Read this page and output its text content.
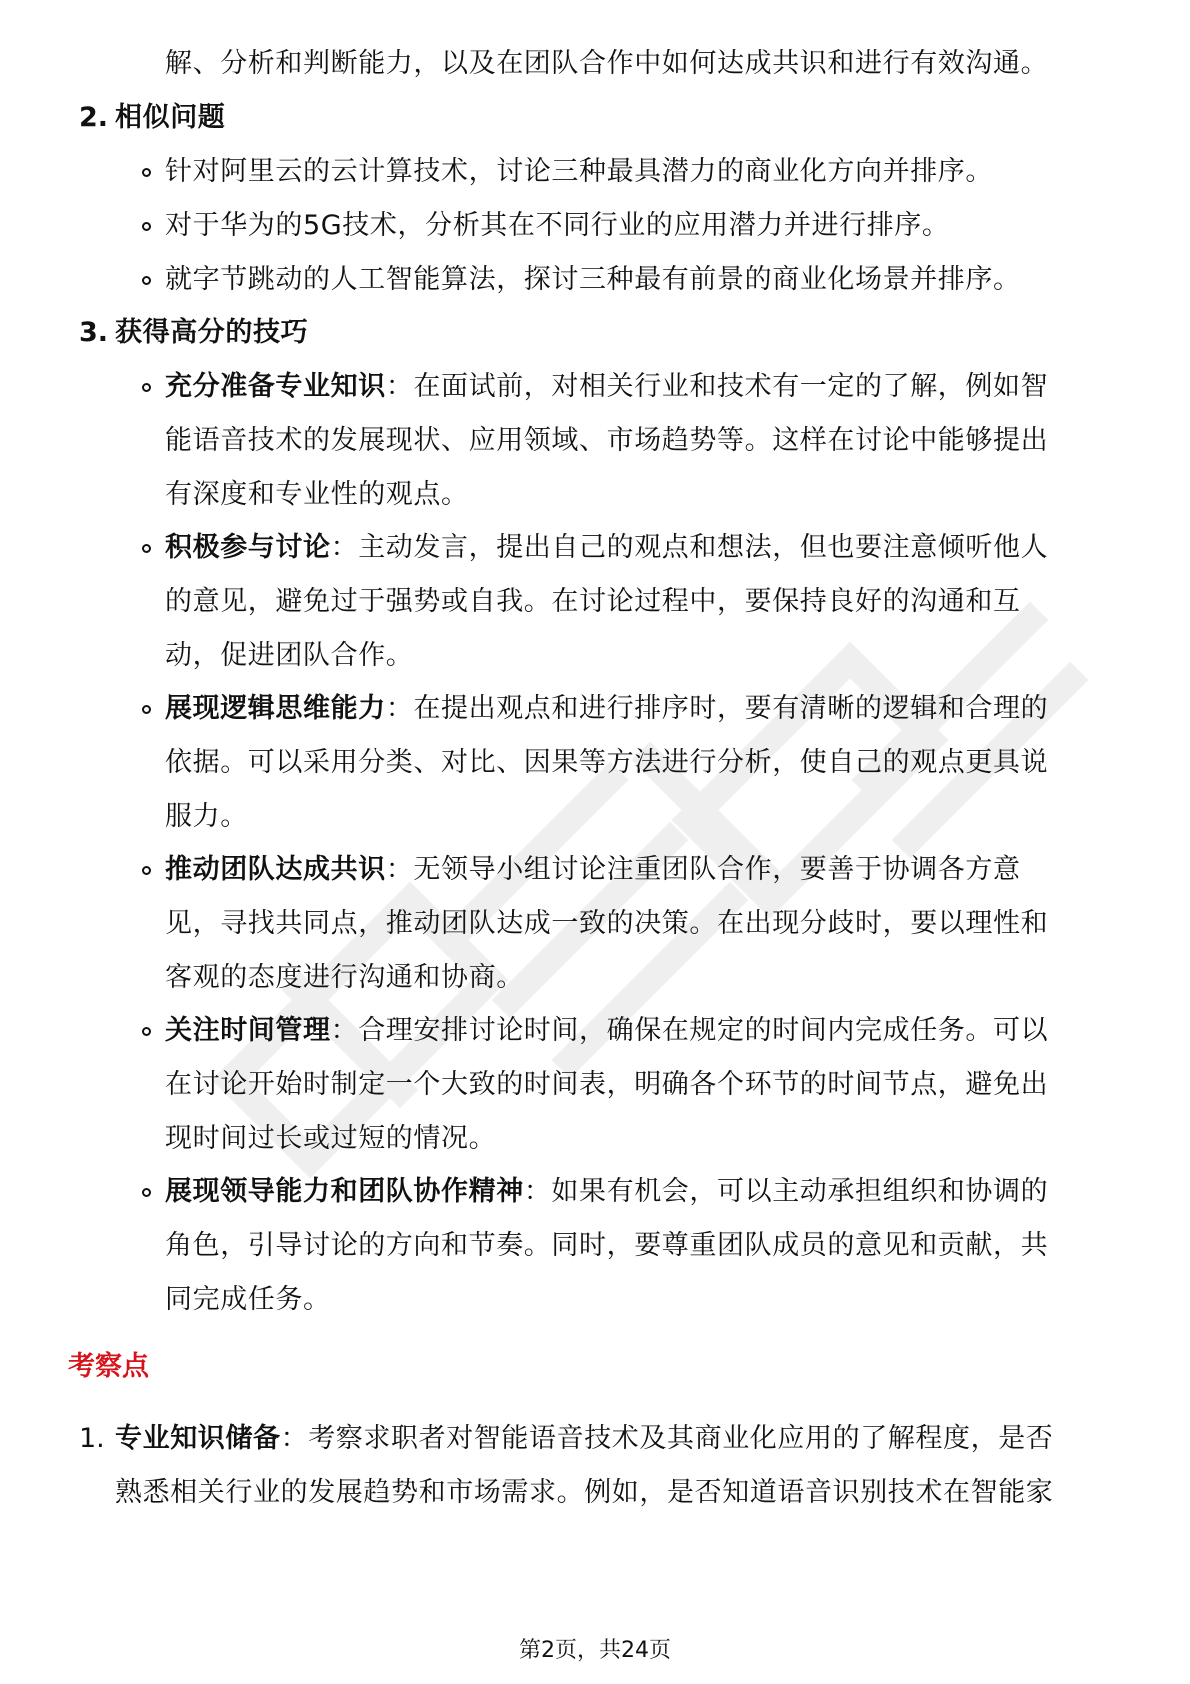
解、分析和判断能力，以及在团队合作中如何达成共识和进行有效沟通。
2. 相似问题
针对阿里云的云计算技术，讨论三种最具潜力的商业化方向并排序。
对于华为的5G技术，分析其在不同行业的应用潜力并进行排序。
就字节跳动的人工智能算法，探讨三种最有前景的商业化场景并排序。
3. 获得高分的技巧
充分准备专业知识：在面试前，对相关行业和技术有一定的了解，例如智
能语音技术的发展现状、应用领域、市场趋势等。这样在讨论中能够提出
有深度和专业性的观点。
积极参与讨论：主动发言，提出自己的观点和想法，但也要注意倾听他人
的意见，避免过于强势或自我。在讨论过程中，要保持良好的沟通和互
动，促进团队合作。
展现逻辑思维能力：在提出观点和进行排序时，要有清晰的逻辑和合理的
依据。可以采用分类、对比、因果等方法进行分析，使自己的观点更具说
服力。
推动团队达成共识：无领导小组讨论注重团队合作，要善于协调各方意
见，寻找共同点，推动团队达成一致的决策。在出现分歧时，要以理性和
客观的态度进行沟通和协商。
关注时间管理：合理安排讨论时间，确保在规定的时间内完成任务。可以
在讨论开始时制定一个大致的时间表，明确各个环节的时间节点，避免出
现时间过长或过短的情况。
展现领导能力和团队协作精神：如果有机会，可以主动承担组织和协调的
角色，引导讨论的方向和节奏。同时，要尊重团队成员的意见和贡献，共
同完成任务。
考察点
1. 专业知识储备：考察求职者对智能语音技术及其商业化应用的了解程度，是否
熟悉相关行业的发展趋势和市场需求。例如，是否知道语音识别技术在智能家
第2页，共24页
